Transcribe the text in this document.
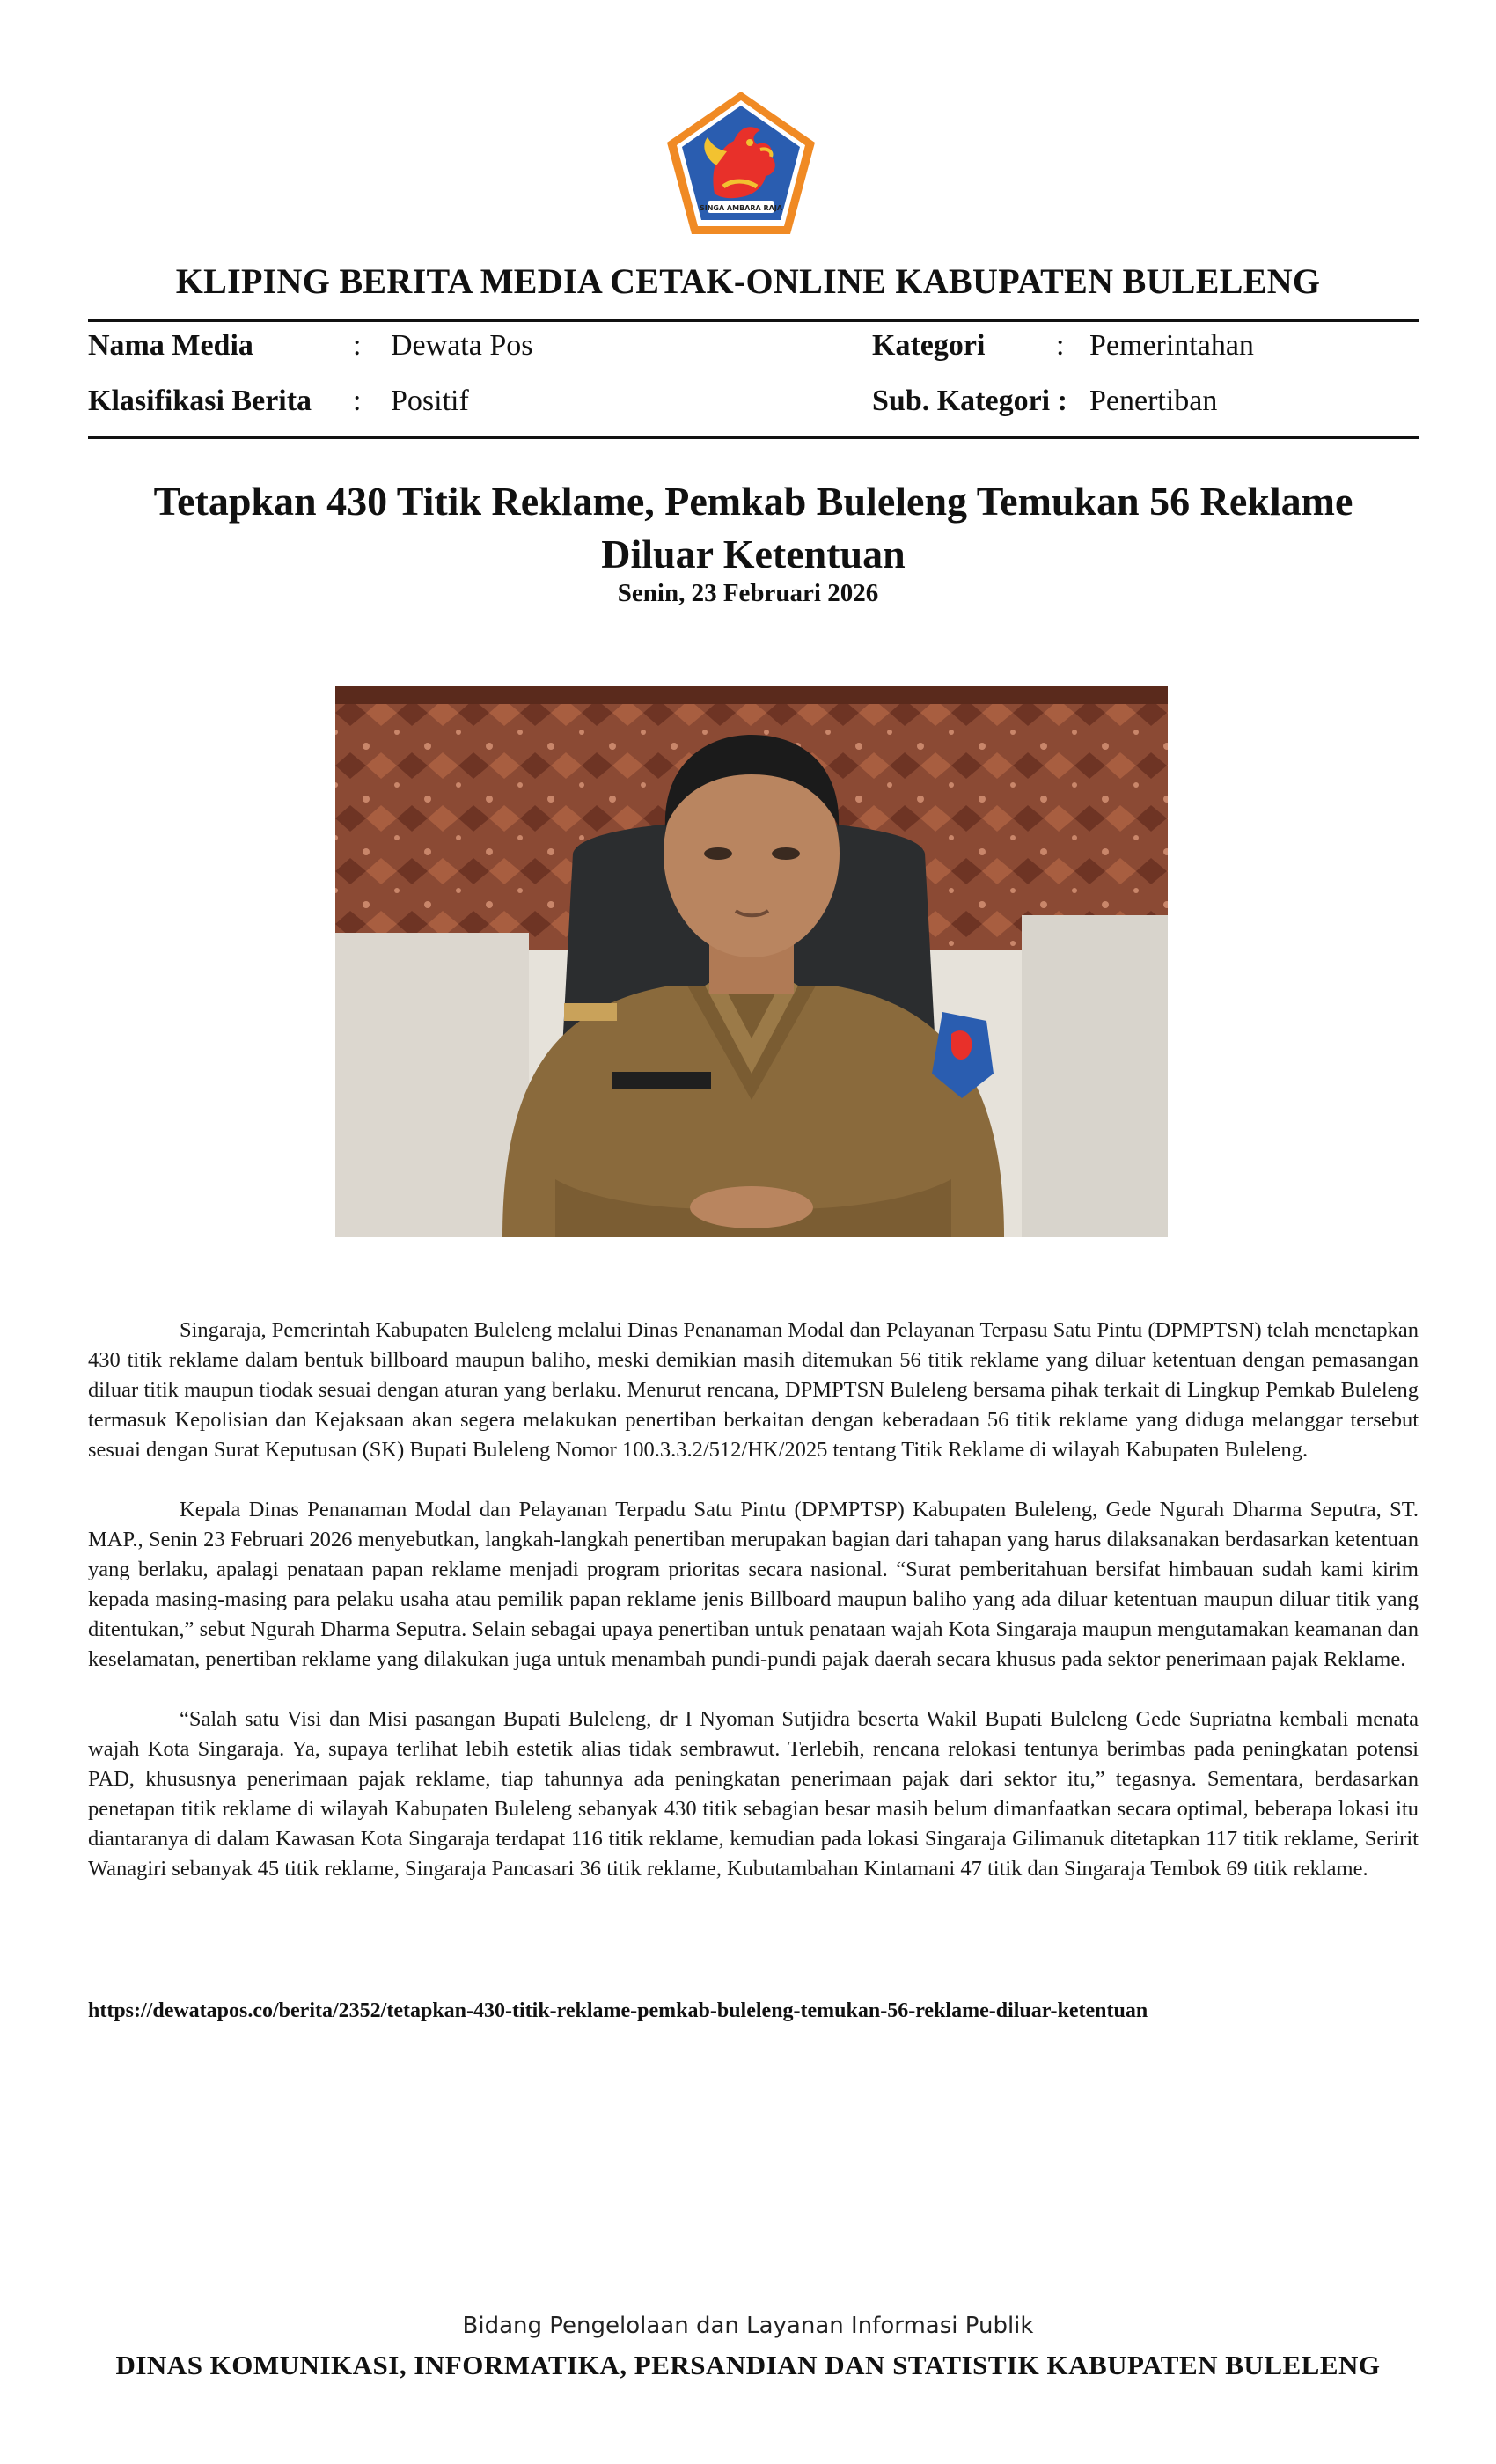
SINGA AMBARA RAJA
KLIPING BERITA MEDIA CETAK-ONLINE KABUPATEN BULELENG
Nama Media	: Dewata Pos	Kategori : Pemerintahan
Klasifikasi Berita : Positif	Sub. Kategori : Penertiban
Tetapkan 430 Titik Reklame, Pemkab Buleleng Temukan 56 Reklame
Diluar Ketentuan
Senin, 23 Februari 2026

Singaraja, Pemerintah Kabupaten Buleleng melalui Dinas Penanaman Modal dan Pelayanan Terpasu Satu Pintu (DPMPTSN) telah menetapkan 430 titik reklame dalam bentuk billboard maupun baliho, meski demikian masih ditemukan 56 titik reklame yang diluar ketentuan dengan pemasangan diluar titik maupun tiodak sesuai dengan aturan yang berlaku. Menurut rencana, DPMPTSN Buleleng bersama pihak terkait di Lingkup Pemkab Buleleng termasuk Kepolisian dan Kejaksaan akan segera melakukan penertiban berkaitan dengan keberadaan 56 titik reklame yang diduga melanggar tersebut sesuai dengan Surat Keputusan (SK) Bupati Buleleng Nomor 100.3.3.2/512/HK/2025 tentang Titik Reklame di wilayah Kabupaten Buleleng.

Kepala Dinas Penanaman Modal dan Pelayanan Terpadu Satu Pintu (DPMPTSP) Kabupaten Buleleng, Gede Ngurah Dharma Seputra, ST. MAP., Senin 23 Februari 2026 menyebutkan, langkah-langkah penertiban merupakan bagian dari tahapan yang harus dilaksanakan berdasarkan ketentuan yang berlaku, apalagi penataan papan reklame menjadi program prioritas secara nasional. “Surat pemberitahuan bersifat himbauan sudah kami kirim kepada masing-masing para pelaku usaha atau pemilik papan reklame jenis Billboard maupun baliho yang ada diluar ketentuan maupun diluar titik yang ditentukan,” sebut Ngurah Dharma Seputra. Selain sebagai upaya penertiban untuk penataan wajah Kota Singaraja maupun mengutamakan keamanan dan keselamatan, penertiban reklame yang dilakukan juga untuk menambah pundi-pundi pajak daerah secara khusus pada sektor penerimaan pajak Reklame.

“Salah satu Visi dan Misi pasangan Bupati Buleleng, dr I Nyoman Sutjidra beserta Wakil Bupati Buleleng Gede Supriatna kembali menata wajah Kota Singaraja. Ya, supaya terlihat lebih estetik alias tidak sembrawut. Terlebih, rencana relokasi tentunya berimbas pada peningkatan potensi PAD, khususnya penerimaan pajak reklame, tiap tahunnya ada peningkatan penerimaan pajak dari sektor itu,” tegasnya. Sementara, berdasarkan penetapan titik reklame di wilayah Kabupaten Buleleng sebanyak 430 titik sebagian besar masih belum dimanfaatkan secara optimal, beberapa lokasi itu diantaranya di dalam Kawasan Kota Singaraja terdapat 116 titik reklame, kemudian pada lokasi Singaraja Gilimanuk ditetapkan 117 titik reklame, Seririt Wanagiri sebanyak 45 titik reklame, Singaraja Pancasari 36 titik reklame, Kubutambahan Kintamani 47 titik dan Singaraja Tembok 69 titik reklame.

https://dewatapos.co/berita/2352/tetapkan-430-titik-reklame-pemkab-buleleng-temukan-56-reklame-diluar-ketentuan
Bidang Pengelolaan dan Layanan Informasi Publik
DINAS KOMUNIKASI, INFORMATIKA, PERSANDIAN DAN STATISTIK KABUPATEN BULELENG
